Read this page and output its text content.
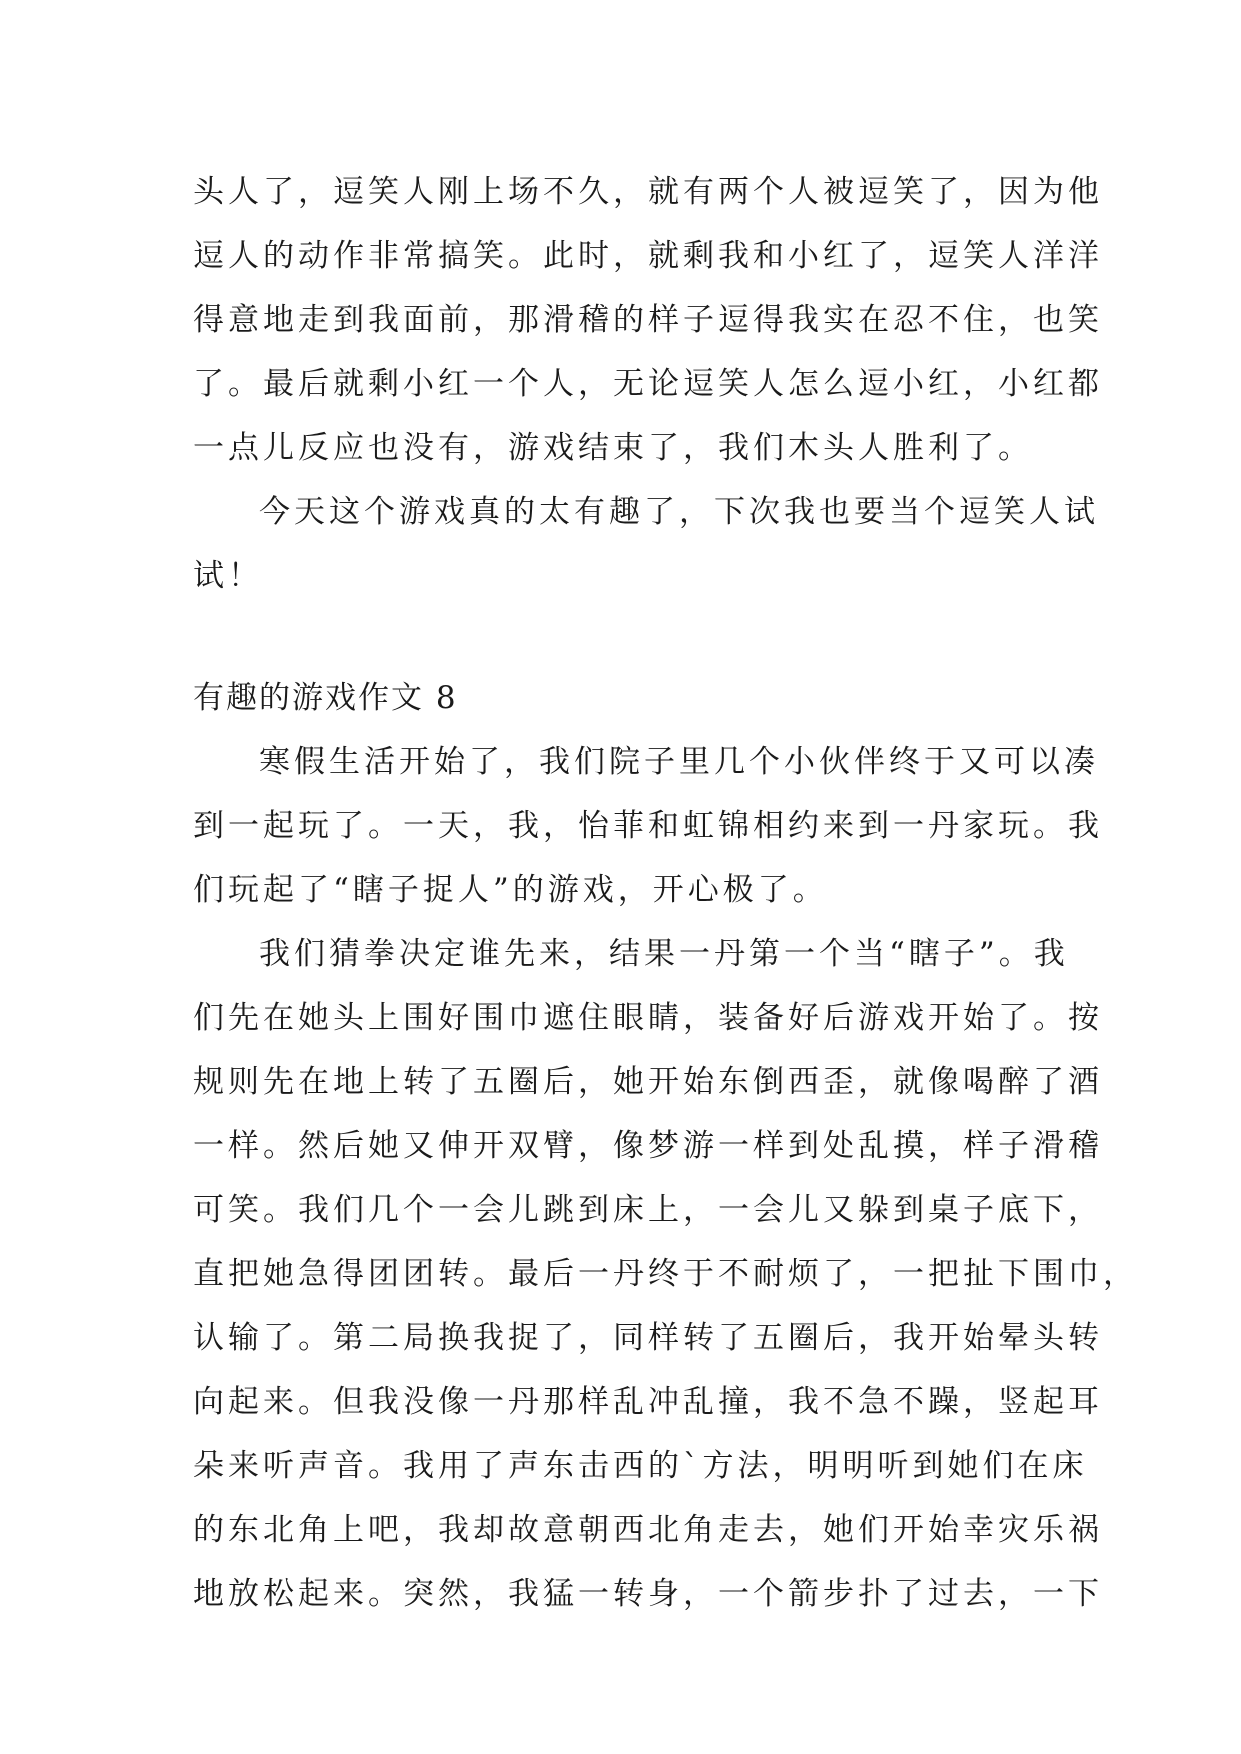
头人了，逗笑人刚上场不久，就有两个人被逗笑了，因为他
逗人的动作非常搞笑。此时，就剩我和小红了，逗笑人洋洋
得意地走到我面前，那滑稽的样子逗得我实在忍不住，也笑
了。最后就剩小红一个人，无论逗笑人怎么逗小红，小红都
一点儿反应也没有，游戏结束了，我们木头人胜利了。
今天这个游戏真的太有趣了，下次我也要当个逗笑人试
试！
有趣的游戏作文 8
寒假生活开始了，我们院子里几个小伙伴终于又可以凑
到一起玩了。一天，我，怡菲和虹锦相约来到一丹家玩。我
们玩起了“瞎子捉人”的游戏，开心极了。
我们猜拳决定谁先来，结果一丹第一个当“瞎子”。我
们先在她头上围好围巾遮住眼睛，装备好后游戏开始了。按
规则先在地上转了五圈后，她开始东倒西歪，就像喝醉了酒
一样。然后她又伸开双臂，像梦游一样到处乱摸，样子滑稽
可笑。我们几个一会儿跳到床上，一会儿又躲到桌子底下，
直把她急得团团转。最后一丹终于不耐烦了，一把扯下围巾，
认输了。第二局换我捉了，同样转了五圈后，我开始晕头转
向起来。但我没像一丹那样乱冲乱撞，我不急不躁，竖起耳
朵来听声音。我用了声东击西的`方法，明明听到她们在床
的东北角上吧，我却故意朝西北角走去，她们开始幸灾乐祸
地放松起来。突然，我猛一转身，一个箭步扑了过去，一下
